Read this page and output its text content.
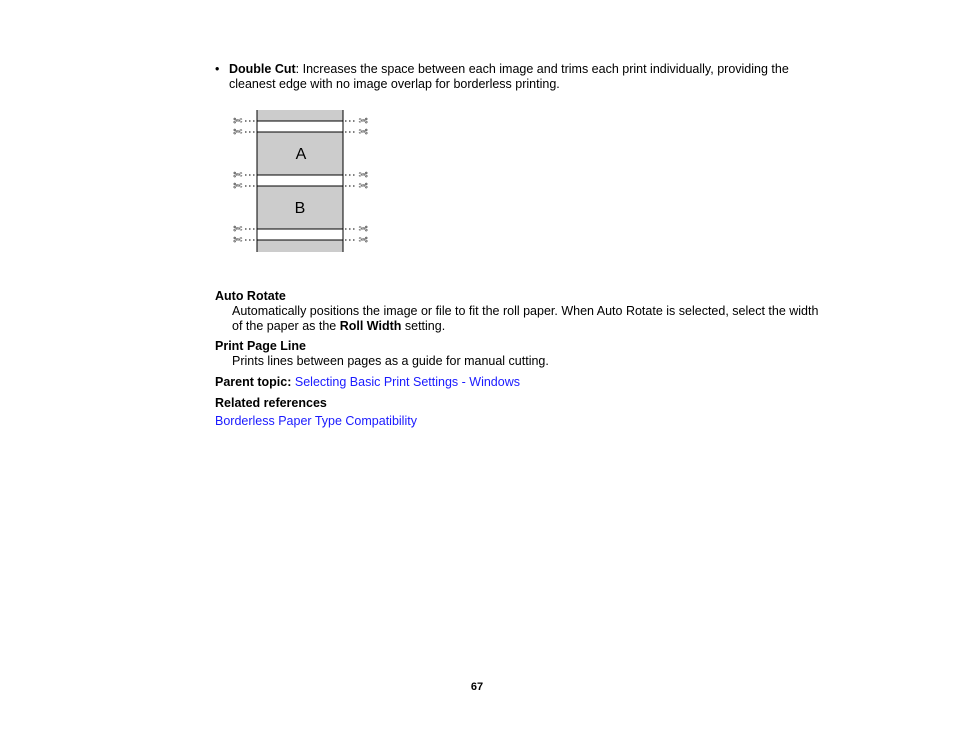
• Double Cut: Increases the space between each image and trims each print individually, providing the cleanest edge with no image overlap for borderless printing.
✄	✄
✄	✄
✄	✄
✄	✄
✄	✄
✄	✄
A
B
Auto Rotate
Automatically positions the image or file to fit the roll paper. When Auto Rotate is selected, select the width of the paper as the Roll Width setting.
Print Page Line
Prints lines between pages as a guide for manual cutting.
Parent topic: Selecting Basic Print Settings - Windows
Related references
Borderless Paper Type Compatibility
67
